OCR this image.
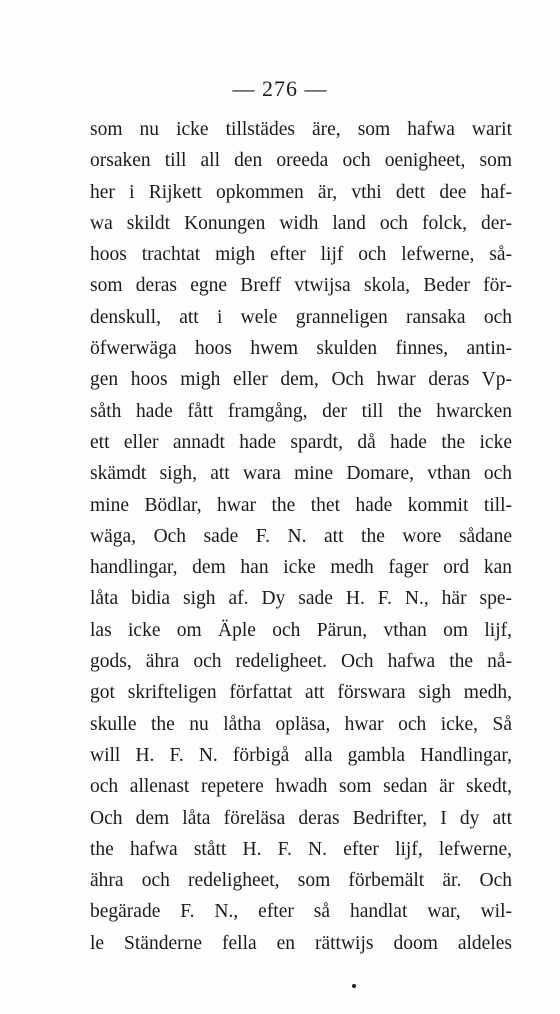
— 276 —
som nu icke tillstädes äre, som hafwa warit
orsaken till all den oreeda och oenigheet, som
her i Rijkett opkommen är, vthi dett dee haf-
wa skildt Konungen widh land och folck, der-
hoos trachtat migh efter lijf och lefwerne, så-
som deras egne Breff vtwijsa skola, Beder för-
denskull, att i wele granneligen ransaka och
öfwerwäga hoos hwem skulden finnes, antin-
gen hoos migh eller dem, Och hwar deras Vp-
såth hade fått framgång, der till the hwarcken
ett eller annadt hade spardt, då hade the icke
skämdt sigh, att wara mine Domare, vthan och
mine Bödlar, hwar the thet hade kommit till-
wäga, Och sade F. N. att the wore sådane
handlingar, dem han icke medh fager ord kan
låta bidia sigh af. Dy sade H. F. N., här spe-
las icke om Äple och Pärun, vthan om lijf,
gods, ähra och redeligheet. Och hafwa the nå-
got skrifteligen författat att förswara sigh medh,
skulle the nu låtha opläsa, hwar och icke, Så
will H. F. N. förbigå alla gambla Handlingar,
och allenast repetere hwadh som sedan är skedt,
Och dem låta föreläsa deras Bedrifter, I dy att
the hafwa stått H. F. N. efter lijf, lefwerne,
ähra och redeligheet, som förbemält är. Och
begärade F. N., efter så handlat war, wil-
le Ständerne fella en rättwijs doom aldeles
